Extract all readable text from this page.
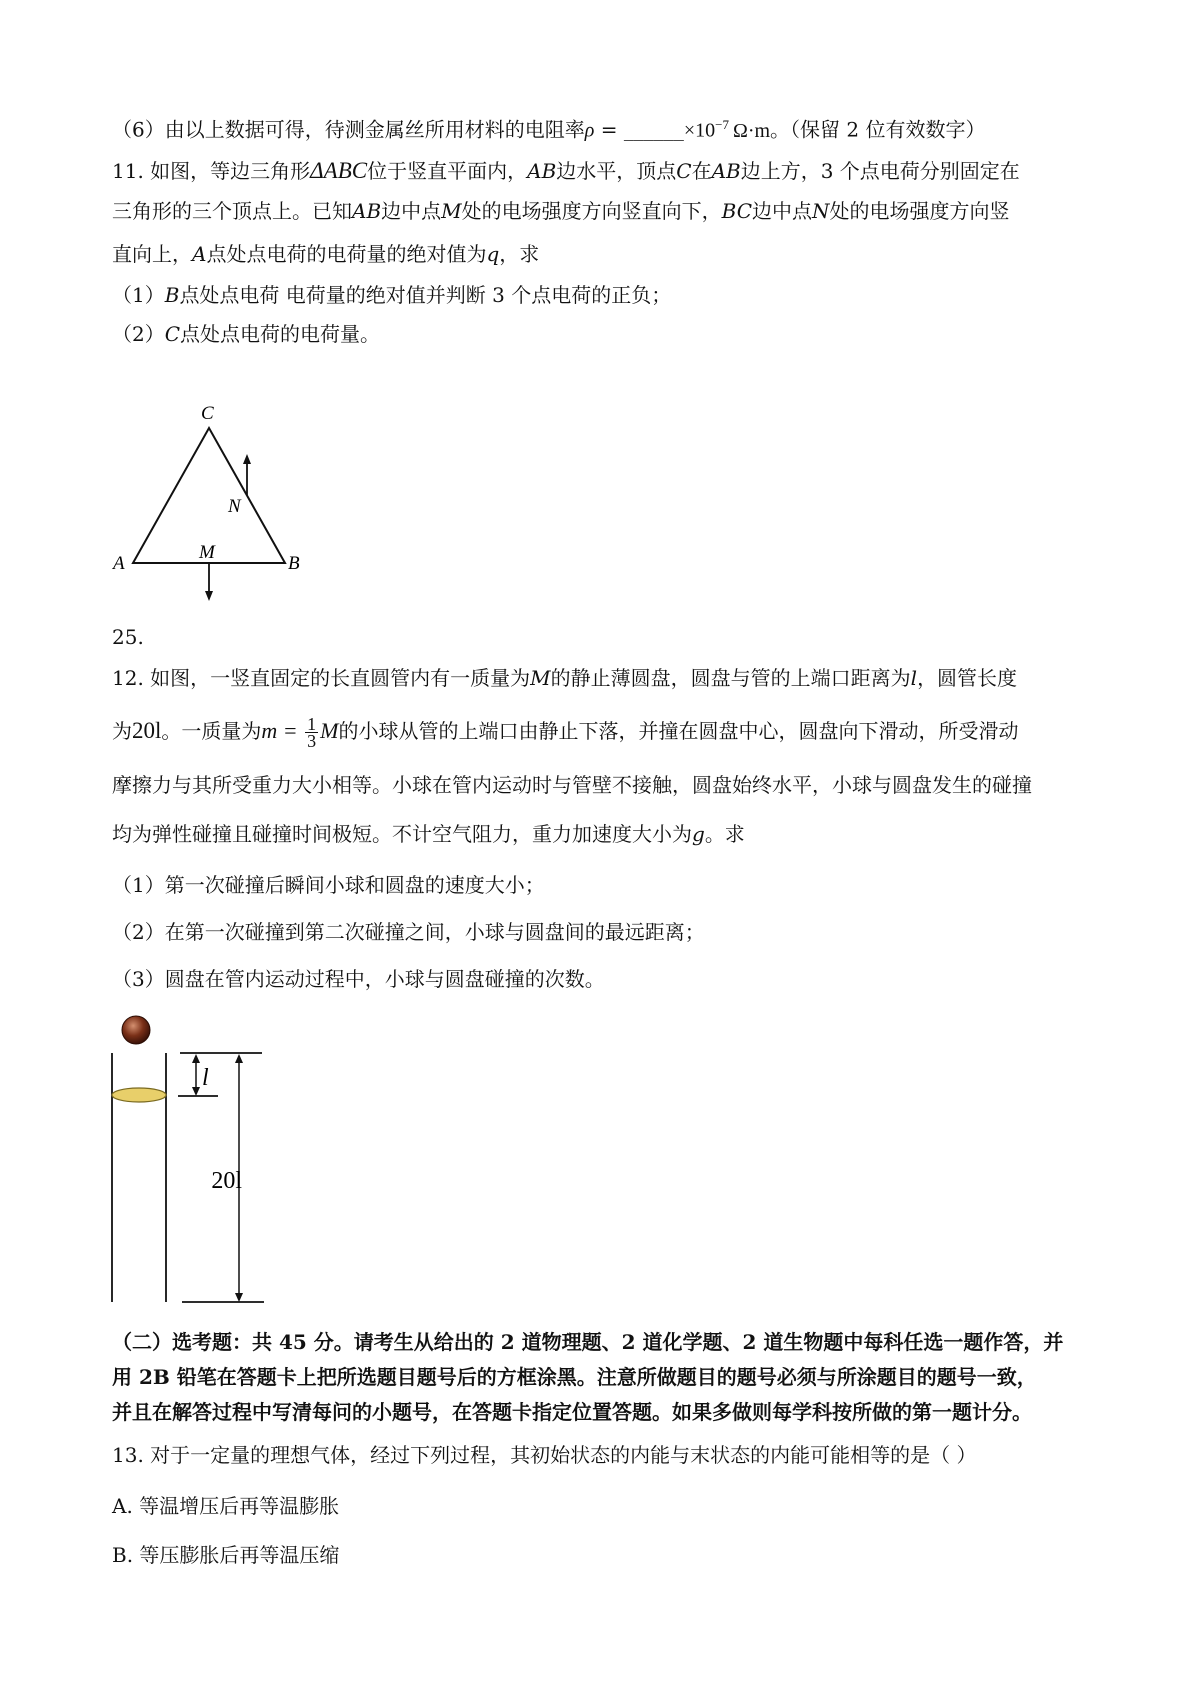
（6）由以上数据可得，待测金属丝所用材料的电阻率$\rho = \_\_\_\_\_\_\times 10^{-7}$ Ω·m。（保留 2 位有效数字）
11. 如图，等边三角形ΔABC位于竖直平面内，AB边水平，顶点C在AB边上方，3 个点电荷分别固定在
三角形的三个顶点上。已知AB边中点M处的电场强度方向竖直向下，BC边中点N处的电场强度方向竖
直向上，A点处点电荷的电荷量的绝对值为q，求
（1）B点处点电荷 电荷量的绝对值并判断 3 个点电荷的正负；
（2）C点处点电荷的电荷量。
C
N
M
A	B
25.
12. 如图，一竖直固定的长直圆管内有一质量为M的静止薄圆盘，圆盘与管的上端口距离为l，圆管长度
为20l。一质量为$m = \frac{1}{3}$ M的小球从管的上端口由静止下落，并撞在圆盘中心，圆盘向下滑动，所受滑动
摩擦力与其所受重力大小相等。小球在管内运动时与管壁不接触，圆盘始终水平，小球与圆盘发生的碰撞
均为弹性碰撞且碰撞时间极短。不计空气阻力，重力加速度大小为g。求
（1）第一次碰撞后瞬间小球和圆盘的速度大小；
（2）在第一次碰撞到第二次碰撞之间，小球与圆盘间的最远距离；
（3）圆盘在管内运动过程中，小球与圆盘碰撞的次数。
l
20l
（二）选考题：共 45 分。请考生从给出的 2 道物理题、2 道化学题、2 道生物题中每科任选一题作答，并
用 2B 铅笔在答题卡上把所选题目题号后的方框涂黑。注意所做题目的题号必须与所涂题目的题号一致，
并且在解答过程中写清每问的小题号，在答题卡指定位置答题。如果多做则每学科按所做的第一题计分。
13. 对于一定量的理想气体，经过下列过程，其初始状态的内能与末状态的内能可能相等的是（ ）
A. 等温增压后再等温膨胀
B. 等压膨胀后再等温压缩
